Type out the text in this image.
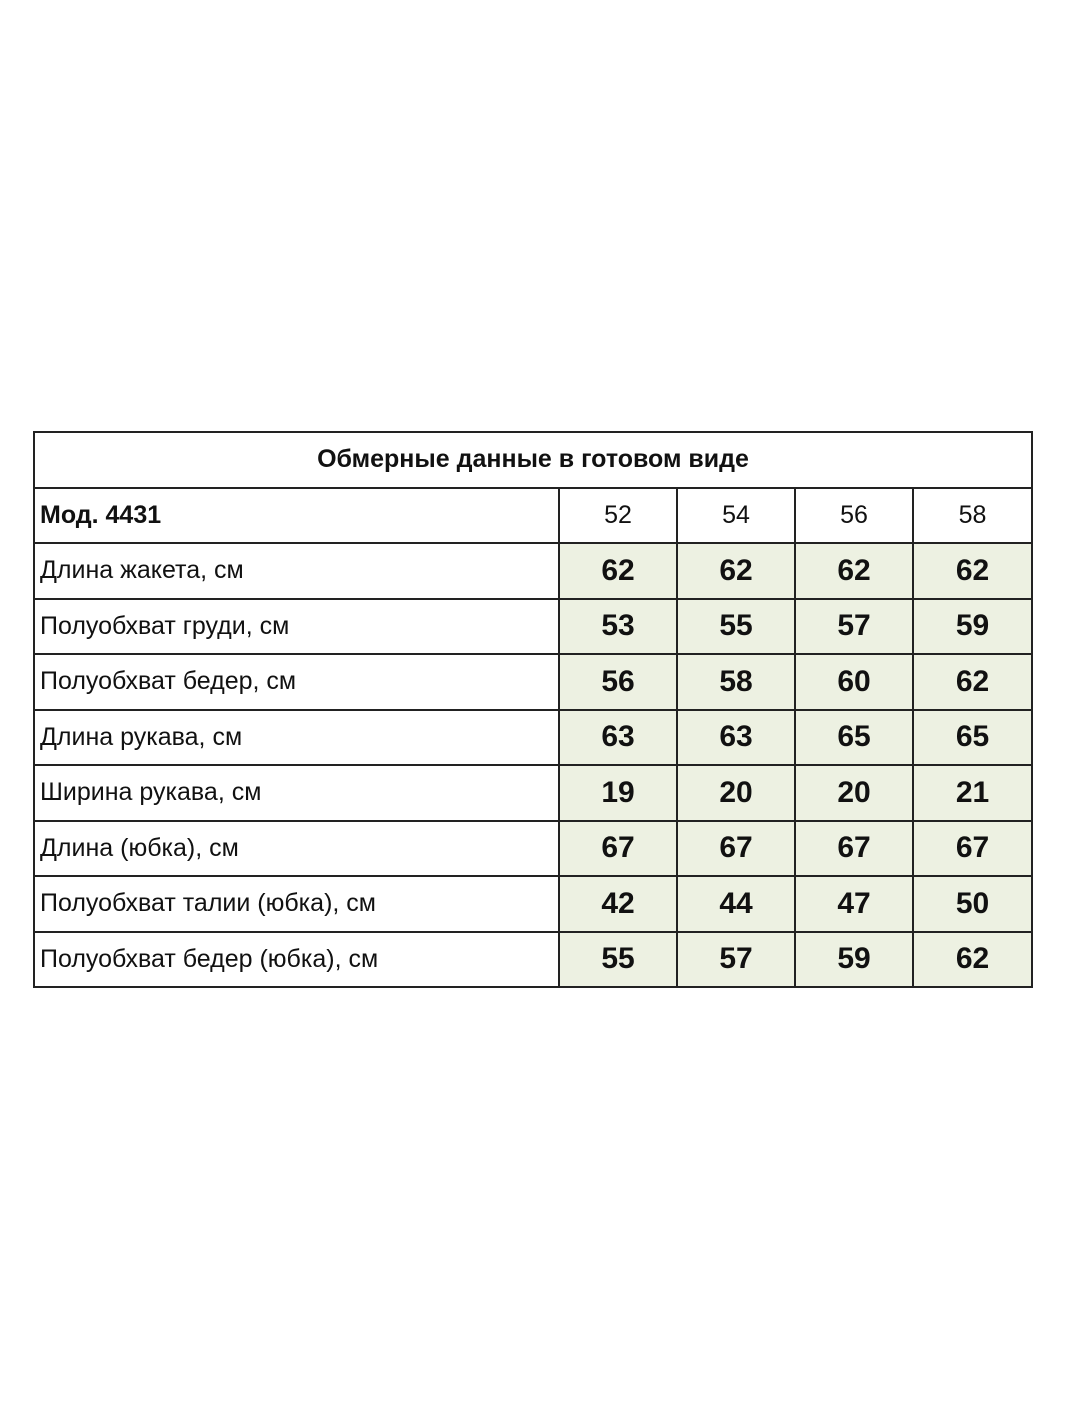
Обмерные данные в готовом виде				
Мод. 4431	52	54	56	58
Длина жакета, см	62	62	62	62
Полуобхват груди, см	53	55	57	59
Полуобхват бедер, см	56	58	60	62
Длина рукава, см	63	63	65	65
Ширина рукава, см	19	20	20	21
Длина (юбка), см	67	67	67	67
Полуобхват талии (юбка), см	42	44	47	50
Полуобхват бедер (юбка), см	55	57	59	62
